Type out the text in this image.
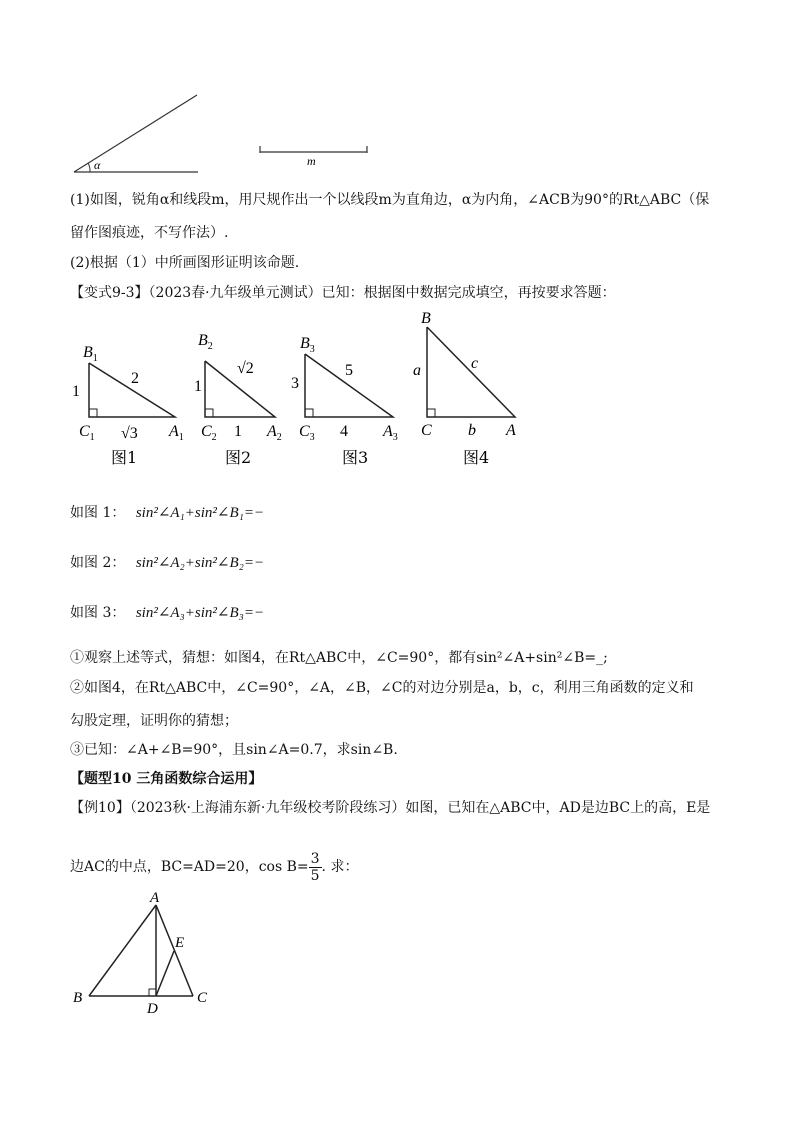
α	m
(1)如图，锐角α和线段m，用尺规作出一个以线段m为直角边，α为内角，∠ACB为90°的Rt△ABC（保
留作图痕迹，不写作法）.
(2)根据（1）中所画图形证明该命题.
【变式9-3】（2023春·九年级单元测试）已知：根据图中数据完成填空，再按要求答题：
$B_1$
1
2
$C_1$ √3 $A_1$
图1
$B_2$
1
√2
$C_2$ 1 $A_2$
图2
$B_3$
3
5
$C_3$ 4 $A_3$
图3
B
a	c
C b A
图4
如图 1： sin²∠A₁+sin²∠B₁=−
如图 2： sin²∠A₂+sin²∠B₂=−
如图 3： sin²∠A₃+sin²∠B₃=−
①观察上述等式，猜想：如图4，在Rt△ABC中，∠C=90°，都有sin²∠A+sin²∠B=_;
②如图4，在Rt△ABC中，∠C=90°，∠A，∠B，∠C的对边分别是a，b，c，利用三角函数的定义和
勾股定理，证明你的猜想；
③已知：∠A+∠B=90°，且sin∠A=0.7，求sin∠B.
【题型10 三角函数综合运用】
【例10】（2023秋·上海浦东新·九年级校考阶段练习）如图，已知在△ABC中，AD是边BC上的高，E是
边AC的中点，BC=AD=20，$\cos B= \frac{3}{5}$ . 求：
A
B	C
D
E
